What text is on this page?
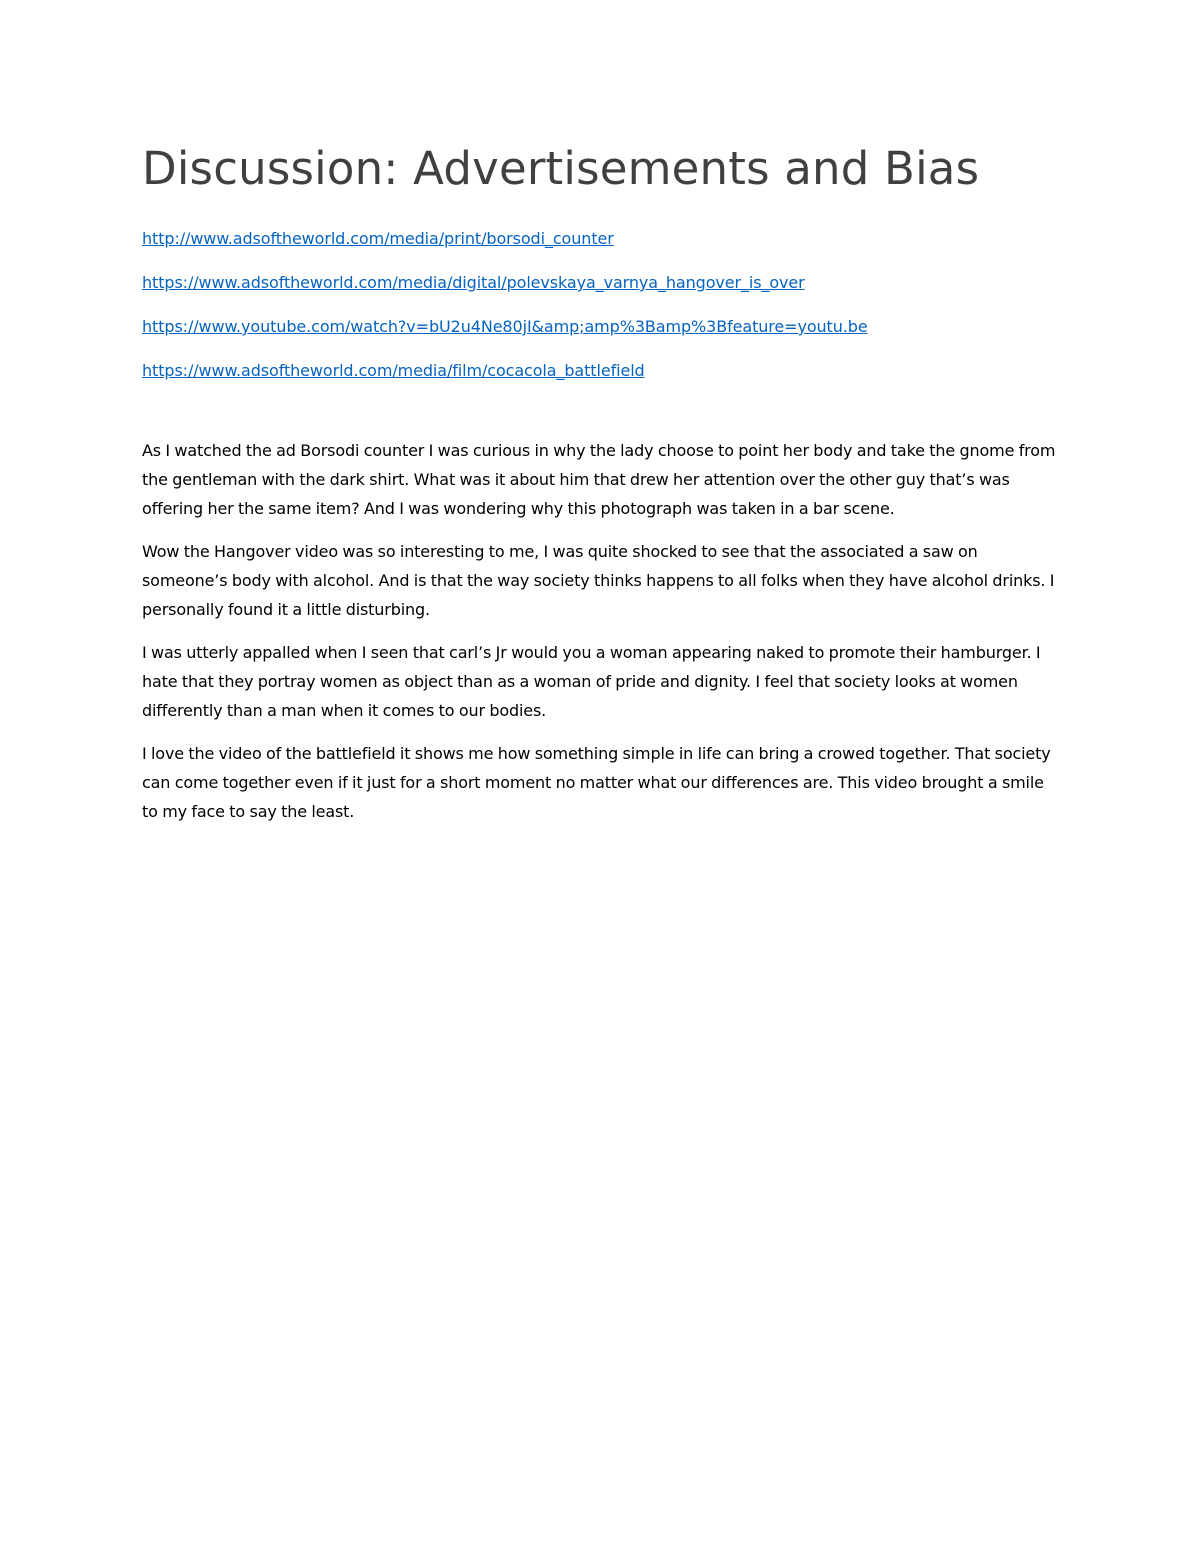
Discussion: Advertisements and Bias
http://www.adsoftheworld.com/media/print/borsodi_counter
https://www.adsoftheworld.com/media/digital/polevskaya_varnya_hangover_is_over
https://www.youtube.com/watch?v=bU2u4Ne80jI&amp;amp%3Bamp%3Bfeature=youtu.be
https://www.adsoftheworld.com/media/film/cocacola_battlefield

As I watched the ad Borsodi counter I was curious in why the lady choose to point her body and take the gnome from the gentleman with the dark shirt. What was it about him that drew her attention over the other guy that’s was offering her the same item? And I was wondering why this photograph was taken in a bar scene.

Wow the Hangover video was so interesting to me, I was quite shocked to see that the associated a saw on someone’s body with alcohol. And is that the way society thinks happens to all folks when they have alcohol drinks. I personally found it a little disturbing.

I was utterly appalled when I seen that carl’s Jr would you a woman appearing naked to promote their hamburger. I hate that they portray women as object than as a woman of pride and dignity. I feel that society looks at women differently than a man when it comes to our bodies.

I love the video of the battlefield it shows me how something simple in life can bring a crowed together. That society can come together even if it just for a short moment no matter what our differences are. This video brought a smile to my face to say the least.
